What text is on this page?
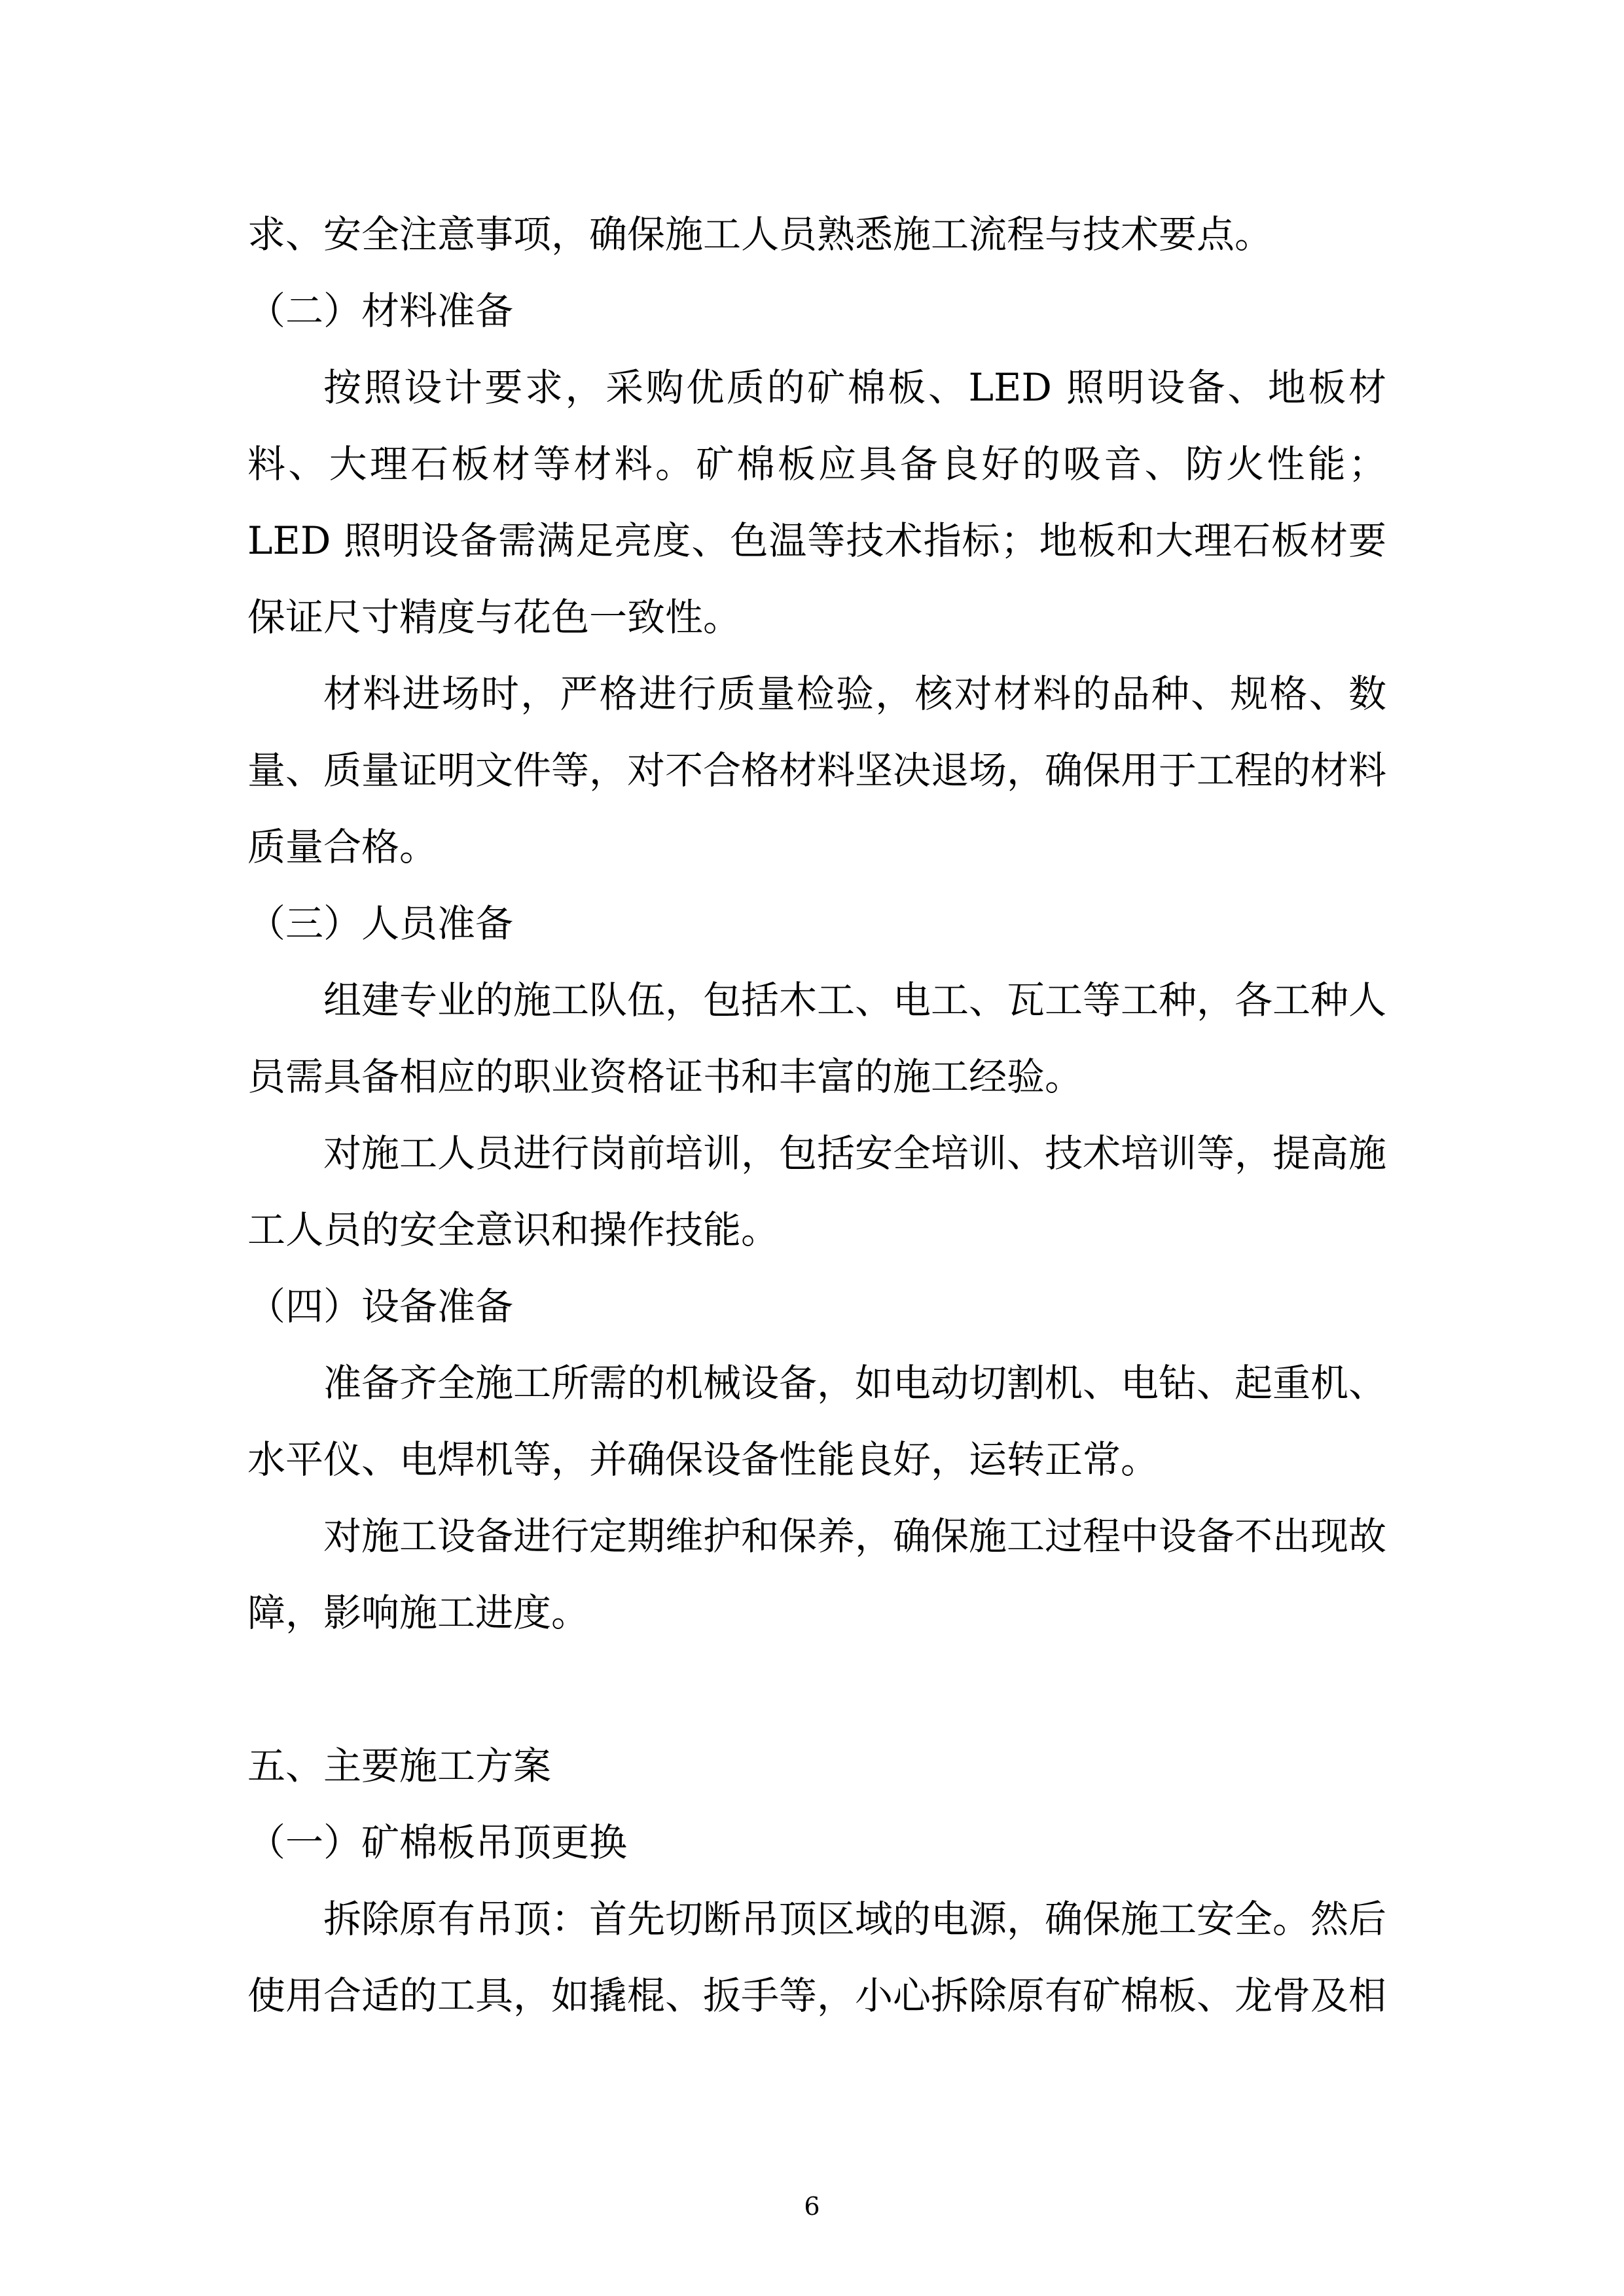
求、安全注意事项，确保施工人员熟悉施工流程与技术要点。

（二）材料准备

按照设计要求，采购优质的矿棉板、LED 照明设备、地板材料、大理石板材等材料。矿棉板应具备良好的吸音、防火性能；LED 照明设备需满足亮度、色温等技术指标；地板和大理石板材要保证尺寸精度与花色一致性。

材料进场时，严格进行质量检验，核对材料的品种、规格、数量、质量证明文件等，对不合格材料坚决退场，确保用于工程的材料质量合格。

（三）人员准备

组建专业的施工队伍，包括木工、电工、瓦工等工种，各工种人员需具备相应的职业资格证书和丰富的施工经验。

对施工人员进行岗前培训，包括安全培训、技术培训等，提高施工人员的安全意识和操作技能。

（四）设备准备

准备齐全施工所需的机械设备，如电动切割机、电钻、起重机、水平仪、电焊机等，并确保设备性能良好，运转正常。

对施工设备进行定期维护和保养，确保施工过程中设备不出现故障，影响施工进度。

五、主要施工方案

（一）矿棉板吊顶更换

拆除原有吊顶：首先切断吊顶区域的电源，确保施工安全。然后使用合适的工具，如撬棍、扳手等，小心拆除原有矿棉板、龙骨及相

6
